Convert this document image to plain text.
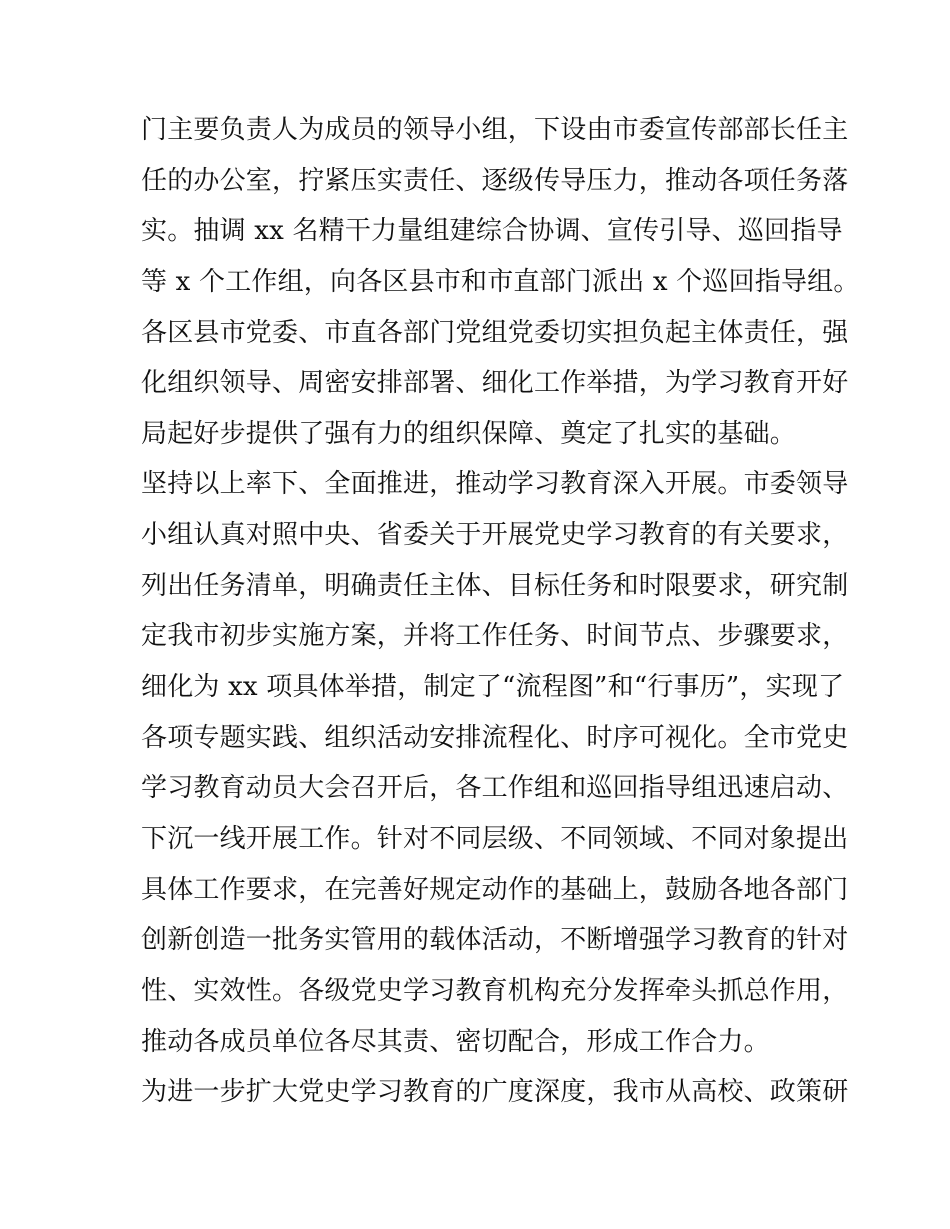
门主要负责人为成员的领导小组，下设由市委宣传部部长任主
任的办公室，拧紧压实责任、逐级传导压力，推动各项任务落
实。抽调 xx 名精干力量组建综合协调、宣传引导、巡回指导
等 x 个工作组，向各区县市和市直部门派出 x 个巡回指导组。
各区县市党委、市直各部门党组党委切实担负起主体责任，强
化组织领导、周密安排部署、细化工作举措，为学习教育开好
局起好步提供了强有力的组织保障、奠定了扎实的基础。
坚持以上率下、全面推进，推动学习教育深入开展。市委领导
小组认真对照中央、省委关于开展党史学习教育的有关要求，
列出任务清单，明确责任主体、目标任务和时限要求，研究制
定我市初步实施方案，并将工作任务、时间节点、步骤要求，
细化为 xx 项具体举措，制定了“流程图”和“行事历”，实现了
各项专题实践、组织活动安排流程化、时序可视化。全市党史
学习教育动员大会召开后，各工作组和巡回指导组迅速启动、
下沉一线开展工作。针对不同层级、不同领域、不同对象提出
具体工作要求，在完善好规定动作的基础上，鼓励各地各部门
创新创造一批务实管用的载体活动，不断增强学习教育的针对
性、实效性。各级党史学习教育机构充分发挥牵头抓总作用，
推动各成员单位各尽其责、密切配合，形成工作合力。
为进一步扩大党史学习教育的广度深度，我市从高校、政策研
